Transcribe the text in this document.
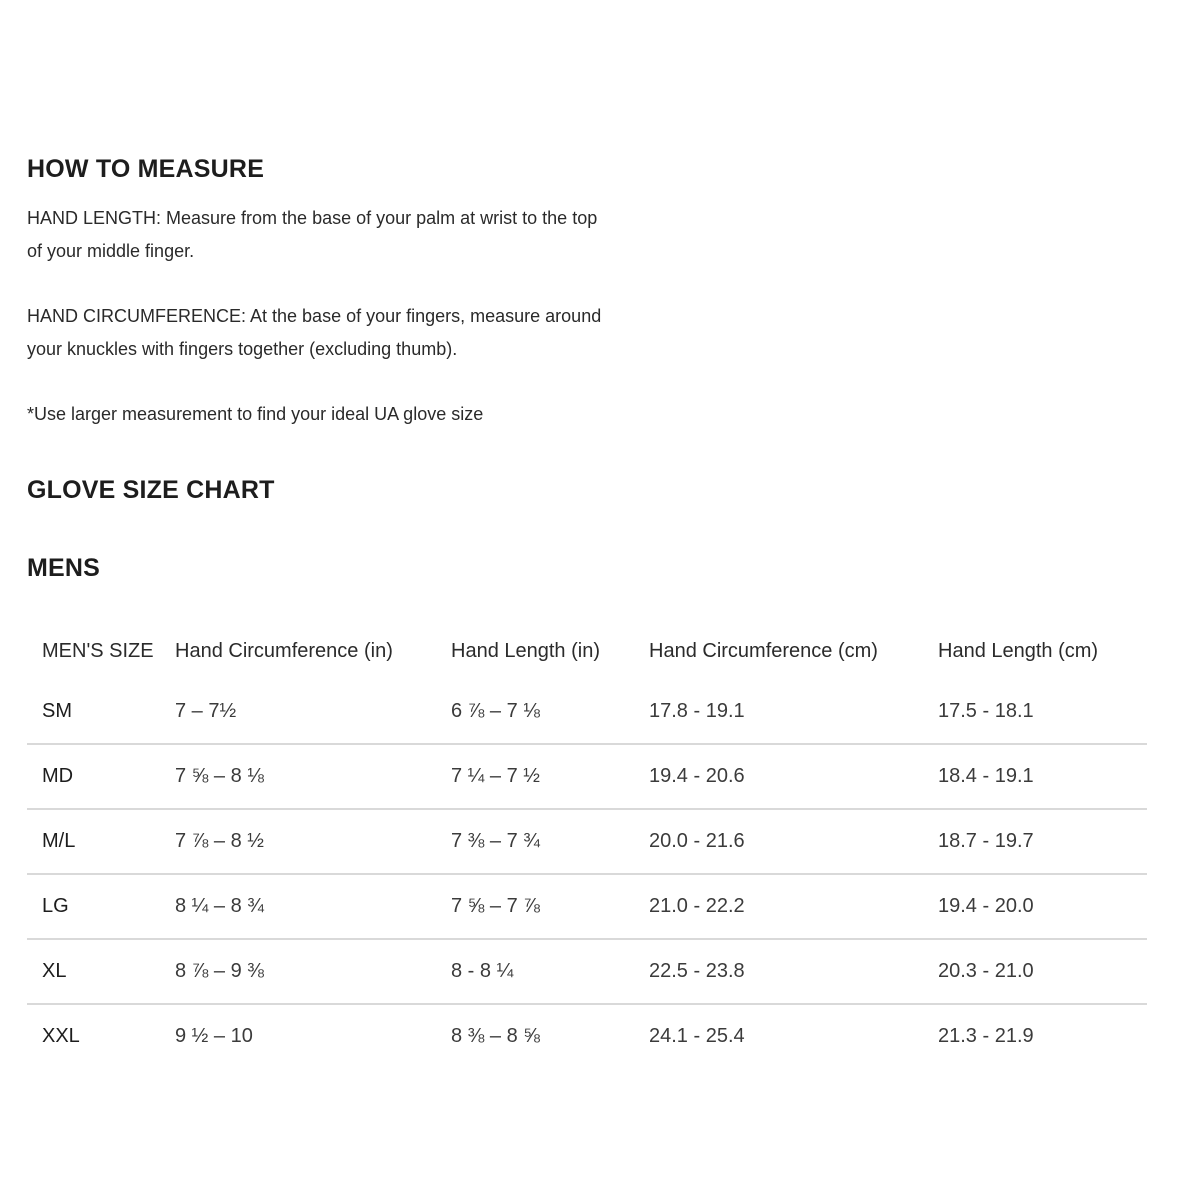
HOW TO MEASURE

HAND LENGTH: Measure from the base of your palm at wrist to the top
of your middle finger.

HAND CIRCUMFERENCE: At the base of your fingers, measure around
your knuckles with fingers together (excluding thumb).

*Use larger measurement to find your ideal UA glove size

GLOVE SIZE CHART
MENS
MEN'S SIZE	Hand Circumference (in)	Hand Length (in)	Hand Circumference (cm)	Hand Length (cm)
SM	7 – 7½	6 ⅞ – 7 ⅛	17.8 - 19.1	17.5 - 18.1
MD	7 ⅝ – 8 ⅛	7 ¼ – 7 ½	19.4 - 20.6	18.4 - 19.1
M/L	7 ⅞ – 8 ½	7 ⅜ – 7 ¾	20.0 - 21.6	18.7 - 19.7
LG	8 ¼ – 8 ¾	7 ⅝ – 7 ⅞	21.0 - 22.2	19.4 - 20.0
XL	8 ⅞ – 9 ⅜	8 - 8 ¼	22.5 - 23.8	20.3 - 21.0
XXL	9 ½ – 10	8 ⅜ – 8 ⅝	24.1 - 25.4	21.3 - 21.9
